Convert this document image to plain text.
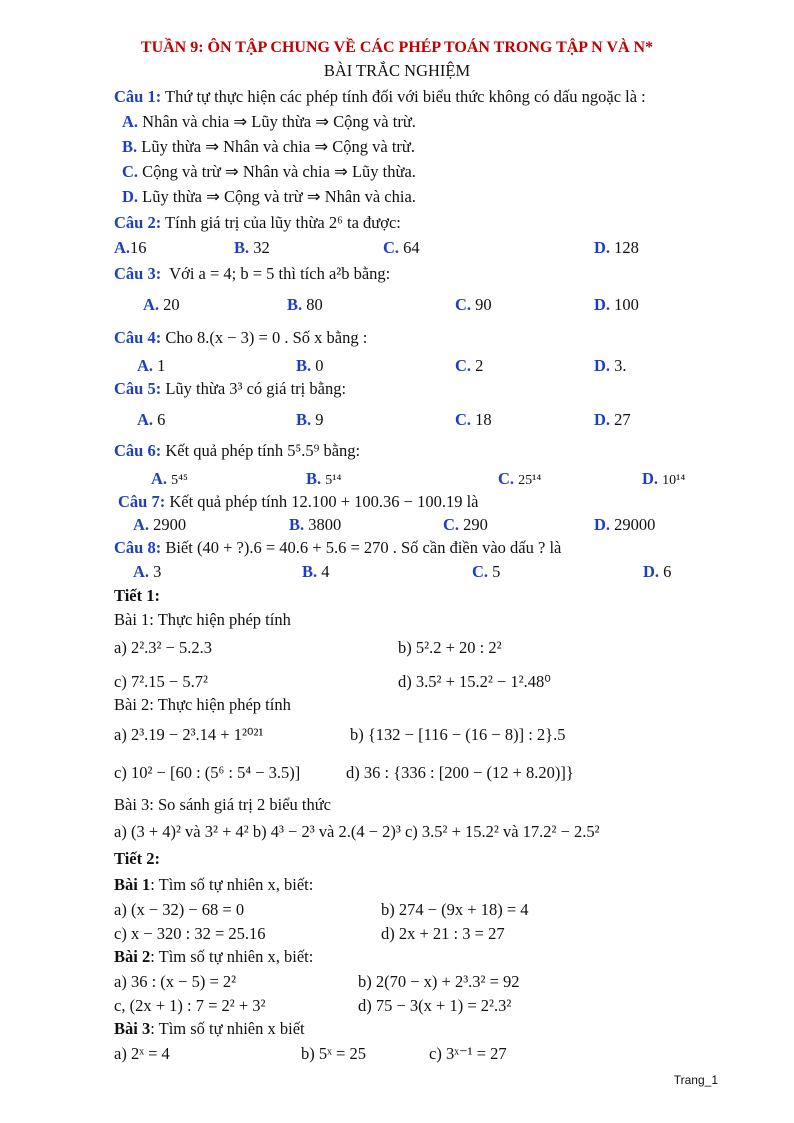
TUẦN 9: ÔN TẬP CHUNG VỀ CÁC PHÉP TOÁN TRONG TẬP N VÀ N*
BÀI TRẮC NGHIỆM
Câu 1: Thứ tự thực hiện các phép tính đối với biểu thức không có dấu ngoặc là :
A. Nhân và chia ⇒ Lũy thừa ⇒ Cộng và trừ.
B. Lũy thừa ⇒ Nhân và chia ⇒ Cộng và trừ.
C. Cộng và trừ ⇒ Nhân và chia ⇒ Lũy thừa.
D. Lũy thừa ⇒ Cộng và trừ ⇒ Nhân và chia.
Câu 2: Tính giá trị của lũy thừa 2⁶ ta được:
A.16	B. 32	C. 64	D. 128
Câu 3: Với a = 4; b = 5 thì tích a²b bằng:
A. 20	B. 80	C. 90	D. 100
Câu 4: Cho 8.(x − 3) = 0 . Số x bằng :
A. 1	B. 0	C. 2	D. 3.
Câu 5: Lũy thừa 3³ có giá trị bằng:
A. 6	B. 9	C. 18	D. 27
Câu 6: Kết quả phép tính 5⁵.5⁹ bằng:
A. 5⁴⁵	B. 5¹⁴	C. 25¹⁴	D. 10¹⁴
Câu 7: Kết quả phép tính 12.100 + 100.36 − 100.19 là
A. 2900	B. 3800	C. 290	D. 29000
Câu 8: Biết (40 + ?).6 = 40.6 + 5.6 = 270 . Số cần điền vào dấu ? là
A. 3	B. 4	C. 5	D. 6
Tiết 1:
Bài 1: Thực hiện phép tính
a) 2².3² − 5.2.3	b) 5².2 + 20 : 2²
c) 7².15 − 5.7²	d) 3.5² + 15.2² − 1².48⁰
Bài 2: Thực hiện phép tính
a) 2³.19 − 2³.14 + 1²⁰²¹	b) {132 − [116 − (16 − 8)] : 2}.5
c) 10² − [60 : (5⁶ : 5⁴ − 3.5)]	d) 36 : {336 : [200 − (12 + 8.20)]}
Bài 3: So sánh giá trị 2 biểu thức
a) (3 + 4)² và 3² + 4² b) 4³ − 2³ và 2.(4 − 2)³ c) 3.5² + 15.2² và 17.2² − 2.5²
Tiết 2:
Bài 1: Tìm số tự nhiên x, biết:
a) (x − 32) − 68 = 0	b) 274 − (9x + 18) = 4
c) x − 320 : 32 = 25.16	d) 2x + 21 : 3 = 27
Bài 2: Tìm số tự nhiên x, biết:
a) 36 : (x − 5) = 2²	b) 2(70 − x) + 2³.3² = 92
c, (2x + 1) : 7 = 2² + 3²	d) 75 − 3(x + 1) = 2².3²
Bài 3: Tìm số tự nhiên x biết
a) 2ˣ = 4	b) 5ˣ = 25	c) 3ˣ⁻¹ = 27
Trang_1
